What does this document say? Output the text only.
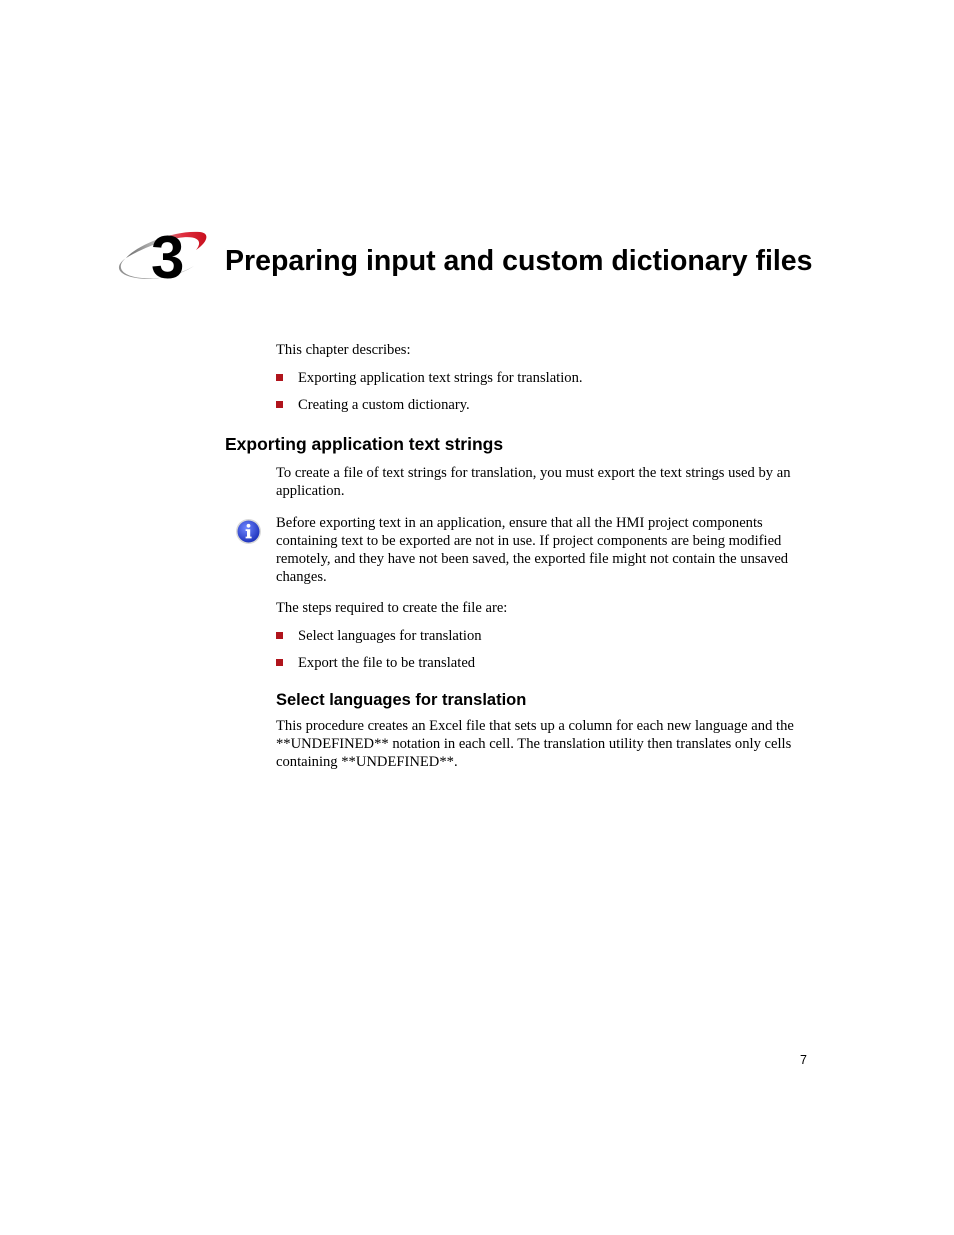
3 Preparing input and custom dictionary files

This chapter describes:

Exporting application text strings for translation.
Creating a custom dictionary.
Exporting application text strings

To create a file of text strings for translation, you must export the text strings used by an application.

Before exporting text in an application, ensure that all the HMI project components containing text to be exported are not in use. If project components are being modified remotely, and they have not been saved, the exported file might not contain the unsaved changes.

The steps required to create the file are:

Select languages for translation
Export the file to be translated
Select languages for translation

This procedure creates an Excel file that sets up a column for each new language and the **UNDEFINED** notation in each cell. The translation utility then translates only cells containing **UNDEFINED**.

7
